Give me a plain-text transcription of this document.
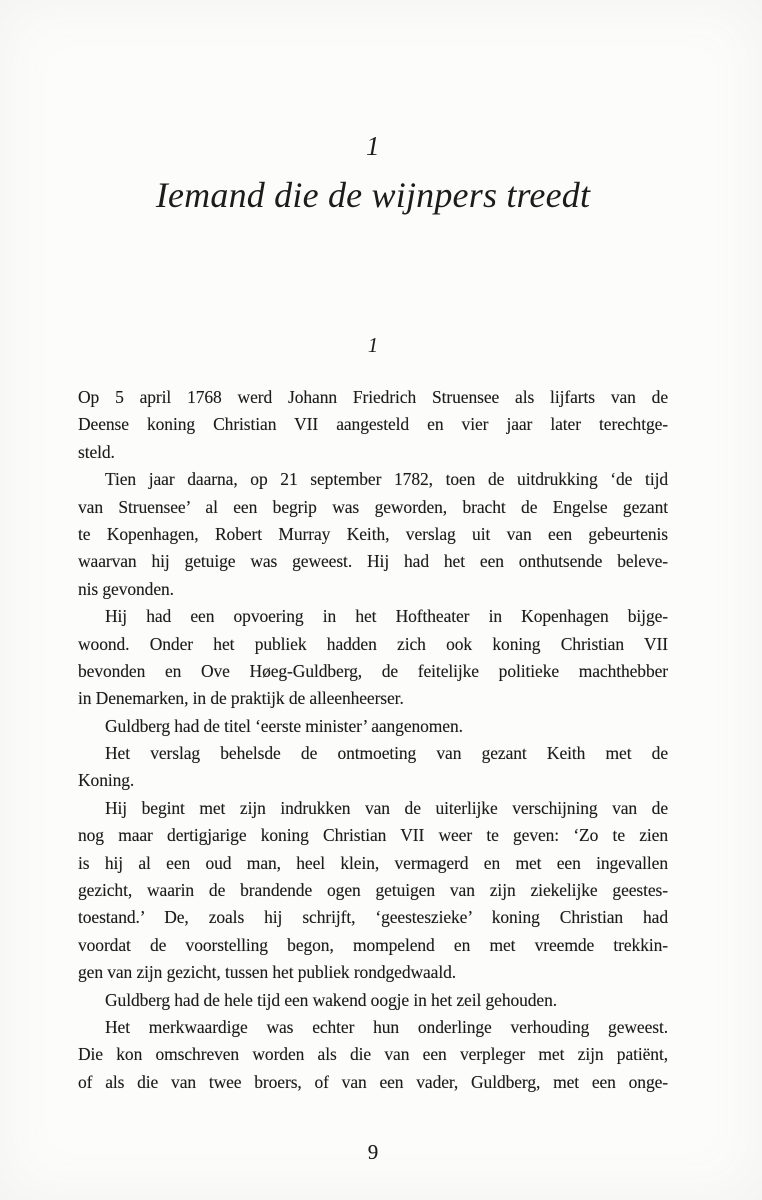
1
Iemand die de wijnpers treedt
1
Op 5 april 1768 werd Johann Friedrich Struensee als lijfarts van de
Deense koning Christian VII aangesteld en vier jaar later terechtge-
steld.
Tien jaar daarna, op 21 september 1782, toen de uitdrukking ‘de tijd
van Struensee’ al een begrip was geworden, bracht de Engelse gezant
te Kopenhagen, Robert Murray Keith, verslag uit van een gebeurtenis
waarvan hij getuige was geweest. Hij had het een onthutsende beleve-
nis gevonden.
Hij had een opvoering in het Hoftheater in Kopenhagen bijge-
woond. Onder het publiek hadden zich ook koning Christian VII
bevonden en Ove Høeg-Guldberg, de feitelijke politieke machthebber
in Denemarken, in de praktijk de alleenheerser.
Guldberg had de titel ‘eerste minister’ aangenomen.
Het verslag behelsde de ontmoeting van gezant Keith met de
Koning.
Hij begint met zijn indrukken van de uiterlijke verschijning van de
nog maar dertigjarige koning Christian VII weer te geven: ‘Zo te zien
is hij al een oud man, heel klein, vermagerd en met een ingevallen
gezicht, waarin de brandende ogen getuigen van zijn ziekelijke geestes-
toestand.’ De, zoals hij schrijft, ‘geesteszieke’ koning Christian had
voordat de voorstelling begon, mompelend en met vreemde trekkin-
gen van zijn gezicht, tussen het publiek rondgedwaald.
Guldberg had de hele tijd een wakend oogje in het zeil gehouden.
Het merkwaardige was echter hun onderlinge verhouding geweest.
Die kon omschreven worden als die van een verpleger met zijn patiënt,
of als die van twee broers, of van een vader, Guldberg, met een onge-
9
